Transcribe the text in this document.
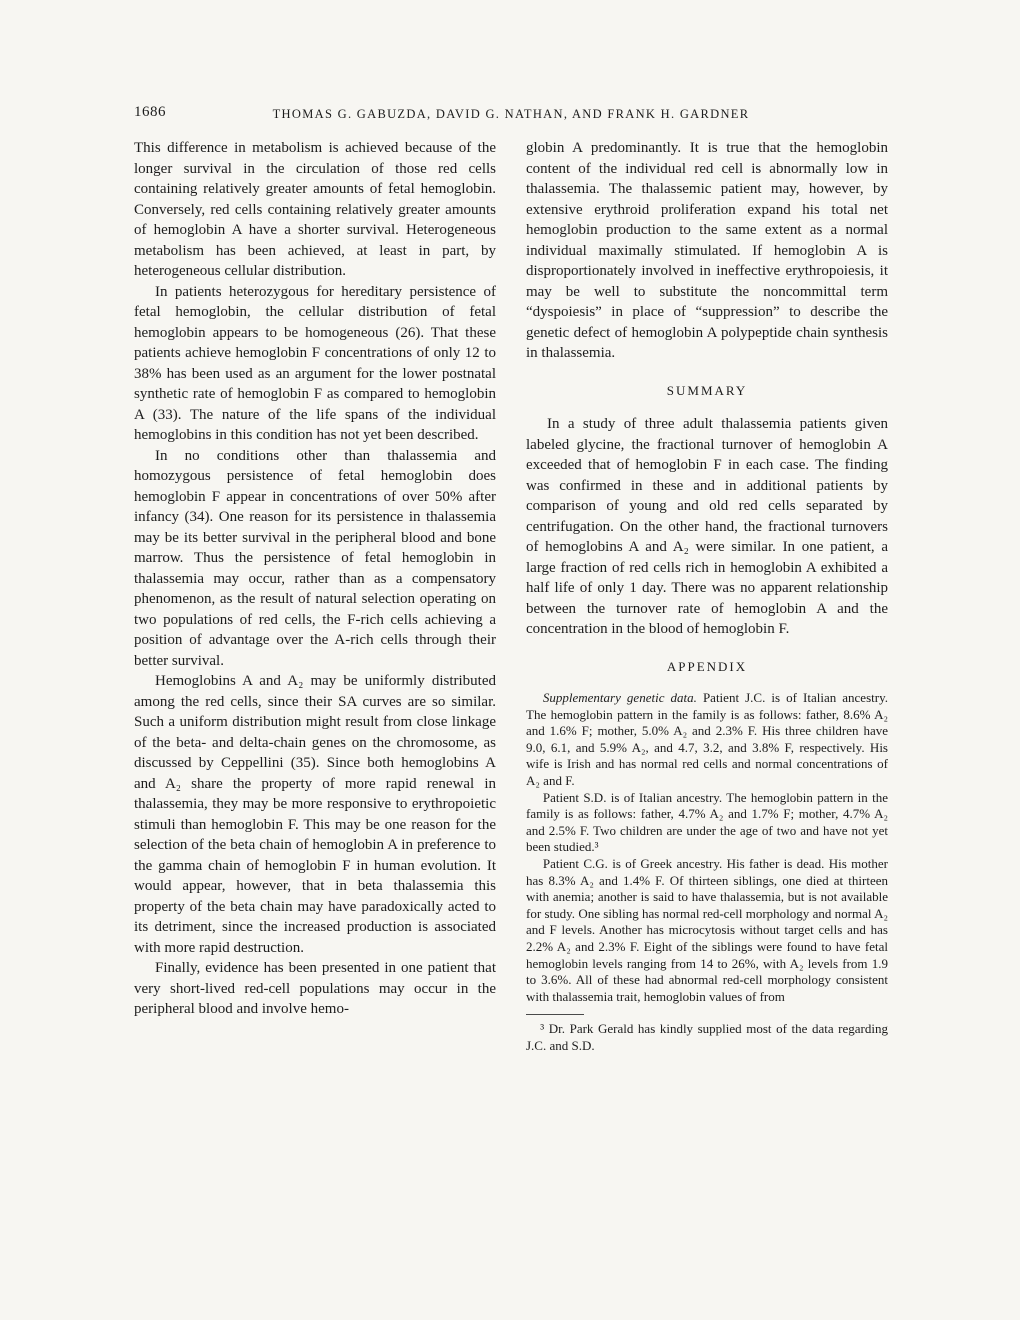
1686	THOMAS G. GABUZDA, DAVID G. NATHAN, AND FRANK H. GARDNER

This difference in metabolism is achieved because of the longer survival in the circulation of those red cells containing relatively greater amounts of fetal hemoglobin. Conversely, red cells containing relatively greater amounts of hemoglobin A have a shorter survival. Heterogeneous metabolism has been achieved, at least in part, by heterogeneous cellular distribution.

In patients heterozygous for hereditary persistence of fetal hemoglobin, the cellular distribution of fetal hemoglobin appears to be homogeneous (26). That these patients achieve hemoglobin F concentrations of only 12 to 38% has been used as an argument for the lower postnatal synthetic rate of hemoglobin F as compared to hemoglobin A (33). The nature of the life spans of the individual hemoglobins in this condition has not yet been described.

In no conditions other than thalassemia and homozygous persistence of fetal hemoglobin does hemoglobin F appear in concentrations of over 50% after infancy (34). One reason for its persistence in thalassemia may be its better survival in the peripheral blood and bone marrow. Thus the persistence of fetal hemoglobin in thalassemia may occur, rather than as a compensatory phenomenon, as the result of natural selection operating on two populations of red cells, the F-rich cells achieving a position of advantage over the A-rich cells through their better survival.

Hemoglobins A and A₂ may be uniformly distributed among the red cells, since their SA curves are so similar. Such a uniform distribution might result from close linkage of the beta- and delta-chain genes on the chromosome, as discussed by Ceppellini (35). Since both hemoglobins A and A₂ share the property of more rapid renewal in thalassemia, they may be more responsive to erythropoietic stimuli than hemoglobin F. This may be one reason for the selection of the beta chain of hemoglobin A in preference to the gamma chain of hemoglobin F in human evolution. It would appear, however, that in beta thalassemia this property of the beta chain may have paradoxically acted to its detriment, since the increased production is associated with more rapid destruction.

Finally, evidence has been presented in one patient that very short-lived red-cell populations may occur in the peripheral blood and involve hemo-

globin A predominantly. It is true that the hemoglobin content of the individual red cell is abnormally low in thalassemia. The thalassemic patient may, however, by extensive erythroid proliferation expand his total net hemoglobin production to the same extent as a normal individual maximally stimulated. If hemoglobin A is disproportionately involved in ineffective erythropoiesis, it may be well to substitute the noncommittal term “dyspoiesis” in place of “suppression” to describe the genetic defect of hemoglobin A polypeptide chain synthesis in thalassemia.

SUMMARY

In a study of three adult thalassemia patients given labeled glycine, the fractional turnover of hemoglobin A exceeded that of hemoglobin F in each case. The finding was confirmed in these and in additional patients by comparison of young and old red cells separated by centrifugation. On the other hand, the fractional turnovers of hemoglobins A and A₂ were similar. In one patient, a large fraction of red cells rich in hemoglobin A exhibited a half life of only 1 day. There was no apparent relationship between the turnover rate of hemoglobin A and the concentration in the blood of hemoglobin F.

APPENDIX

Supplementary genetic data. Patient J.C. is of Italian ancestry. The hemoglobin pattern in the family is as follows: father, 8.6% A₂ and 1.6% F; mother, 5.0% A₂ and 2.3% F. His three children have 9.0, 6.1, and 5.9% A₂, and 4.7, 3.2, and 3.8% F, respectively. His wife is Irish and has normal red cells and normal concentrations of A₂ and F.

Patient S.D. is of Italian ancestry. The hemoglobin pattern in the family is as follows: father, 4.7% A₂ and 1.7% F; mother, 4.7% A₂ and 2.5% F. Two children are under the age of two and have not yet been studied.³

Patient C.G. is of Greek ancestry. His father is dead. His mother has 8.3% A₂ and 1.4% F. Of thirteen siblings, one died at thirteen with anemia; another is said to have thalassemia, but is not available for study. One sibling has normal red-cell morphology and normal A₂ and F levels. Another has microcytosis without target cells and has 2.2% A₂ and 2.3% F. Eight of the siblings were found to have fetal hemoglobin levels ranging from 14 to 26%, with A₂ levels from 1.9 to 3.6%. All of these had abnormal red-cell morphology consistent with thalassemia trait, hemoglobin values of from

³ Dr. Park Gerald has kindly supplied most of the data regarding J.C. and S.D.
